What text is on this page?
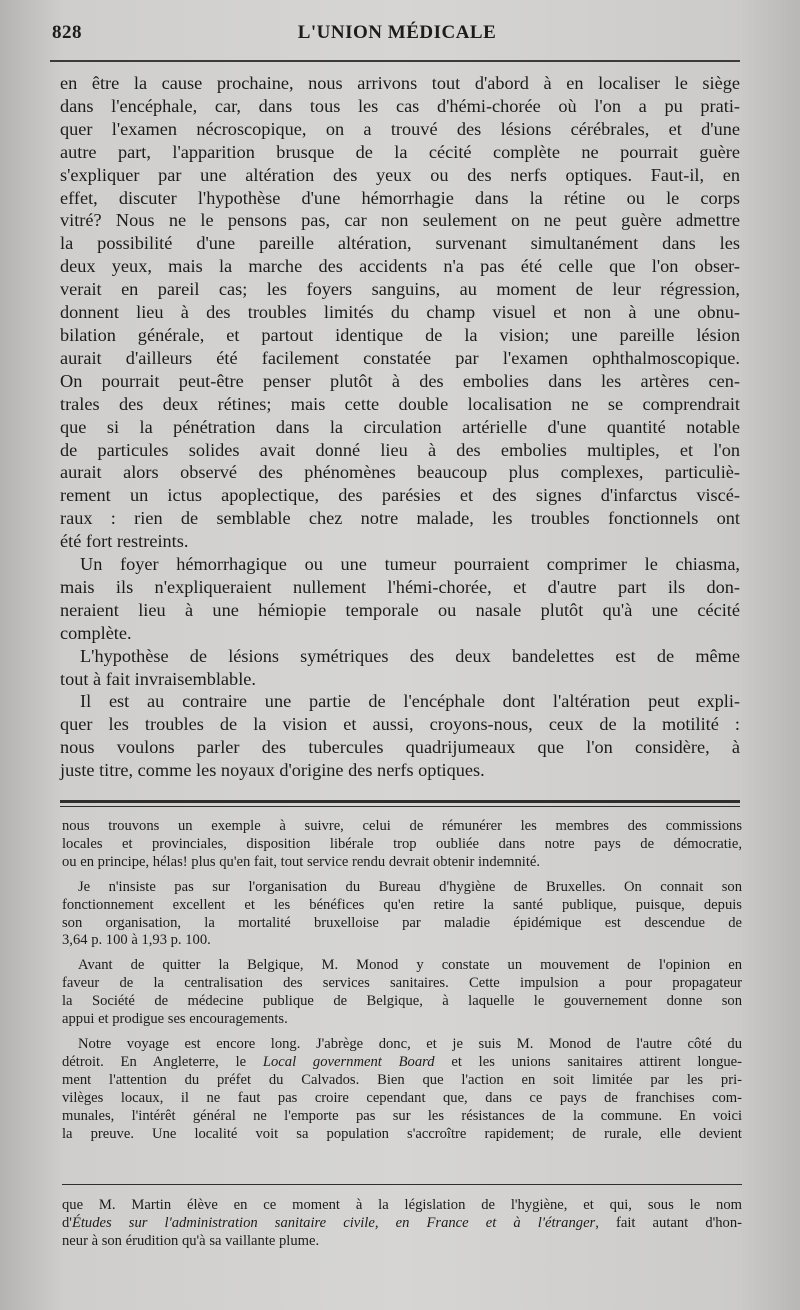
828	L'UNION MÉDICALE
en être la cause prochaine, nous arrivons tout d'abord à en localiser le siège
dans l'encéphale, car, dans tous les cas d'hémi-chorée où l'on a pu prati-
quer l'examen nécroscopique, on a trouvé des lésions cérébrales, et d'une
autre part, l'apparition brusque de la cécité complète ne pourrait guère
s'expliquer par une altération des yeux ou des nerfs optiques. Faut-il, en
effet, discuter l'hypothèse d'une hémorrhagie dans la rétine ou le corps
vitré? Nous ne le pensons pas, car non seulement on ne peut guère admettre
la possibilité d'une pareille altération, survenant simultanément dans les
deux yeux, mais la marche des accidents n'a pas été celle que l'on obser-
verait en pareil cas; les foyers sanguins, au moment de leur régression,
donnent lieu à des troubles limités du champ visuel et non à une obnu-
bilation générale, et partout identique de la vision; une pareille lésion
aurait d'ailleurs été facilement constatée par l'examen ophthalmoscopique.
On pourrait peut-être penser plutôt à des embolies dans les artères cen-
trales des deux rétines; mais cette double localisation ne se comprendrait
que si la pénétration dans la circulation artérielle d'une quantité notable
de particules solides avait donné lieu à des embolies multiples, et l'on
aurait alors observé des phénomènes beaucoup plus complexes, particuliè-
rement un ictus apoplectique, des parésies et des signes d'infarctus viscé-
raux : rien de semblable chez notre malade, les troubles fonctionnels ont
été fort restreints.
Un foyer hémorrhagique ou une tumeur pourraient comprimer le chiasma,
mais ils n'expliqueraient nullement l'hémi-chorée, et d'autre part ils don-
neraient lieu à une hémiopie temporale ou nasale plutôt qu'à une cécité
complète.
L'hypothèse de lésions symétriques des deux bandelettes est de même
tout à fait invraisemblable.
Il est au contraire une partie de l'encéphale dont l'altération peut expli-
quer les troubles de la vision et aussi, croyons-nous, ceux de la motilité :
nous voulons parler des tubercules quadrijumeaux que l'on considère, à
juste titre, comme les noyaux d'origine des nerfs optiques.
nous trouvons un exemple à suivre, celui de rémunérer les membres des commissions
locales et provinciales, disposition libérale trop oubliée dans notre pays de démocratie,
ou en principe, hélas! plus qu'en fait, tout service rendu devrait obtenir indemnité.
Je n'insiste pas sur l'organisation du Bureau d'hygiène de Bruxelles. On connait son
fonctionnement excellent et les bénéfices qu'en retire la santé publique, puisque, depuis
son organisation, la mortalité bruxelloise par maladie épidémique est descendue de
3,64 p. 100 à 1,93 p. 100.
Avant de quitter la Belgique, M. Monod y constate un mouvement de l'opinion en
faveur de la centralisation des services sanitaires. Cette impulsion a pour propagateur
la Société de médecine publique de Belgique, à laquelle le gouvernement donne son
appui et prodigue ses encouragements.
Notre voyage est encore long. J'abrège donc, et je suis M. Monod de l'autre côté du
détroit. En Angleterre, le Local government Board et les unions sanitaires attirent longue-
ment l'attention du préfet du Calvados. Bien que l'action en soit limitée par les pri-
vilèges locaux, il ne faut pas croire cependant que, dans ce pays de franchises com-
munales, l'intérêt général ne l'emporte pas sur les résistances de la commune. En voici
la preuve. Une localité voit sa population s'accroître rapidement; de rurale, elle devient
que M. Martin élève en ce moment à la législation de l'hygiène, et qui, sous le nom
d'Études sur l'administration sanitaire civile, en France et à l'étranger, fait autant d'hon-
neur à son érudition qu'à sa vaillante plume.
